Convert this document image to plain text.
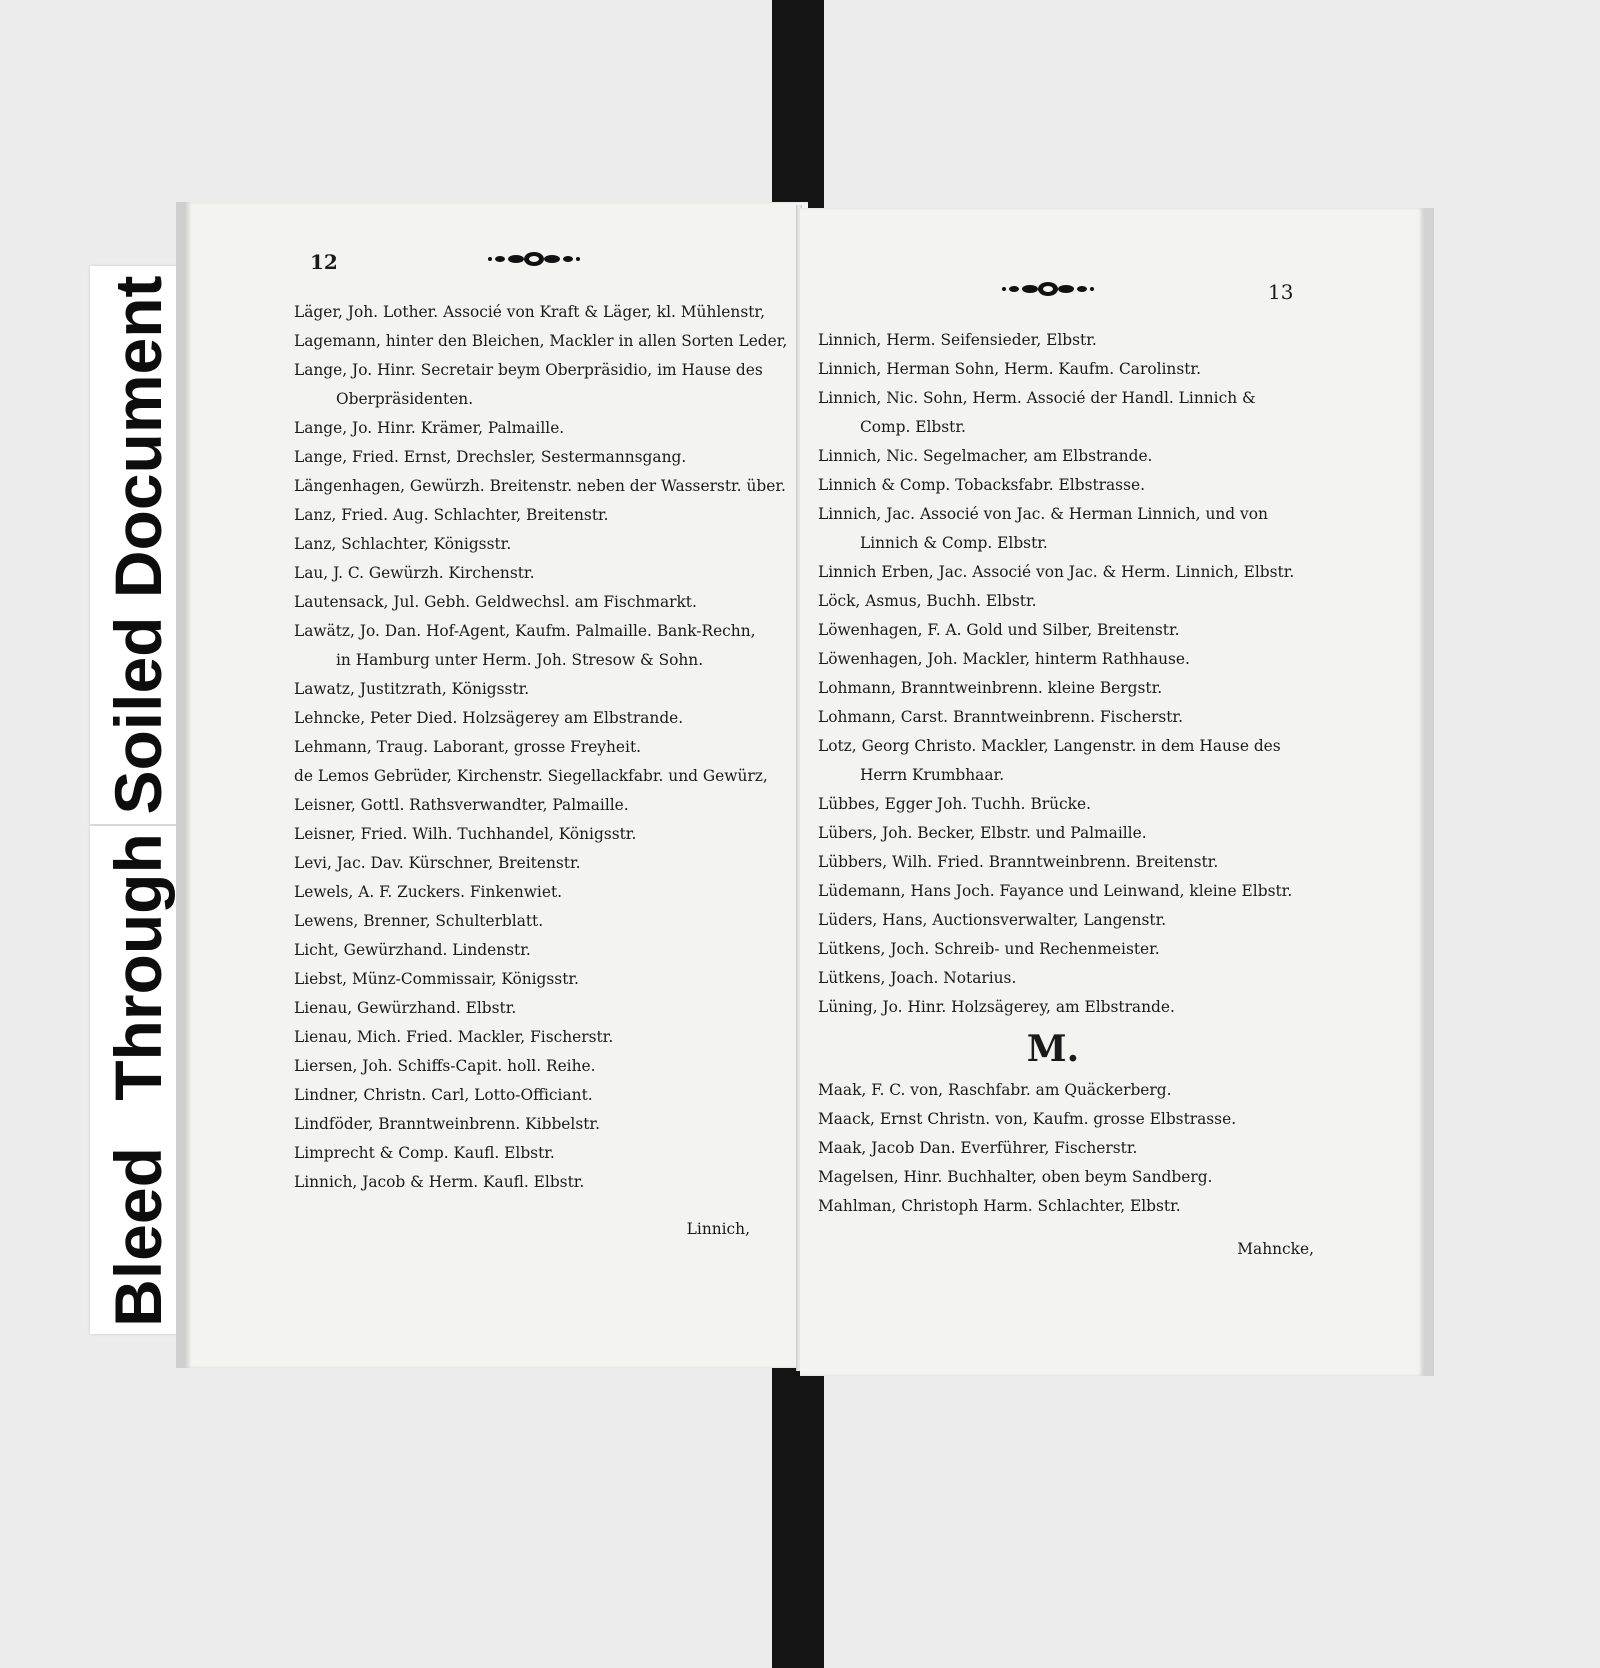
Soiled Document
Bleed Through
12
Läger, Joh. Lother. Associé von Kraft & Läger, kl. Mühlenstr,
Lagemann, hinter den Bleichen, Mackler in allen Sorten Leder,
Lange, Jo. Hinr. Secretair beym Oberpräsidio, im Hause des
Oberpräsidenten.
Lange, Jo. Hinr. Krämer, Palmaille.
Lange, Fried. Ernst, Drechsler, Sestermannsgang.
Längenhagen, Gewürzh. Breitenstr. neben der Wasserstr. über.
Lanz, Fried. Aug. Schlachter, Breitenstr.
Lanz, Schlachter, Königsstr.
Lau, J. C. Gewürzh. Kirchenstr.
Lautensack, Jul. Gebh. Geldwechsl. am Fischmarkt.
Lawätz, Jo. Dan. Hof-Agent, Kaufm. Palmaille. Bank-Rechn,
in Hamburg unter Herm. Joh. Stresow & Sohn.
Lawatz, Justitzrath, Königsstr.
Lehncke, Peter Died. Holzsägerey am Elbstrande.
Lehmann, Traug. Laborant, grosse Freyheit.
de Lemos Gebrüder, Kirchenstr. Siegellackfabr. und Gewürz,
Leisner, Gottl. Rathsverwandter, Palmaille.
Leisner, Fried. Wilh. Tuchhandel, Königsstr.
Levi, Jac. Dav. Kürschner, Breitenstr.
Lewels, A. F. Zuckers. Finkenwiet.
Lewens, Brenner, Schulterblatt.
Licht, Gewürzhand. Lindenstr.
Liebst, Münz-Commissair, Königsstr.
Lienau, Gewürzhand. Elbstr.
Lienau, Mich. Fried. Mackler, Fischerstr.
Liersen, Joh. Schiffs-Capit. holl. Reihe.
Lindner, Christn. Carl, Lotto-Officiant.
Lindföder, Branntweinbrenn. Kibbelstr.
Limprecht & Comp. Kaufl. Elbstr.
Linnich, Jacob & Herm. Kaufl. Elbstr.
Linnich,
13
Linnich, Herm. Seifensieder, Elbstr.
Linnich, Herman Sohn, Herm. Kaufm. Carolinstr.
Linnich, Nic. Sohn, Herm. Associé der Handl. Linnich &
Comp. Elbstr.
Linnich, Nic. Segelmacher, am Elbstrande.
Linnich & Comp. Tobacksfabr. Elbstrasse.
Linnich, Jac. Associé von Jac. & Herman Linnich, und von
Linnich & Comp. Elbstr.
Linnich Erben, Jac. Associé von Jac. & Herm. Linnich, Elbstr.
Löck, Asmus, Buchh. Elbstr.
Löwenhagen, F. A. Gold und Silber, Breitenstr.
Löwenhagen, Joh. Mackler, hinterm Rathhause.
Lohmann, Branntweinbrenn. kleine Bergstr.
Lohmann, Carst. Branntweinbrenn. Fischerstr.
Lotz, Georg Christo. Mackler, Langenstr. in dem Hause des
Herrn Krumbhaar.
Lübbes, Egger Joh. Tuchh. Brücke.
Lübers, Joh. Becker, Elbstr. und Palmaille.
Lübbers, Wilh. Fried. Branntweinbrenn. Breitenstr.
Lüdemann, Hans Joch. Fayance und Leinwand, kleine Elbstr.
Lüders, Hans, Auctionsverwalter, Langenstr.
Lütkens, Joch. Schreib- und Rechenmeister.
Lütkens, Joach. Notarius.
Lüning, Jo. Hinr. Holzsägerey, am Elbstrande.
M.
Maak, F. C. von, Raschfabr. am Quäckerberg.
Maack, Ernst Christn. von, Kaufm. grosse Elbstrasse.
Maak, Jacob Dan. Everführer, Fischerstr.
Magelsen, Hinr. Buchhalter, oben beym Sandberg.
Mahlman, Christoph Harm. Schlachter, Elbstr.
Mahncke,
